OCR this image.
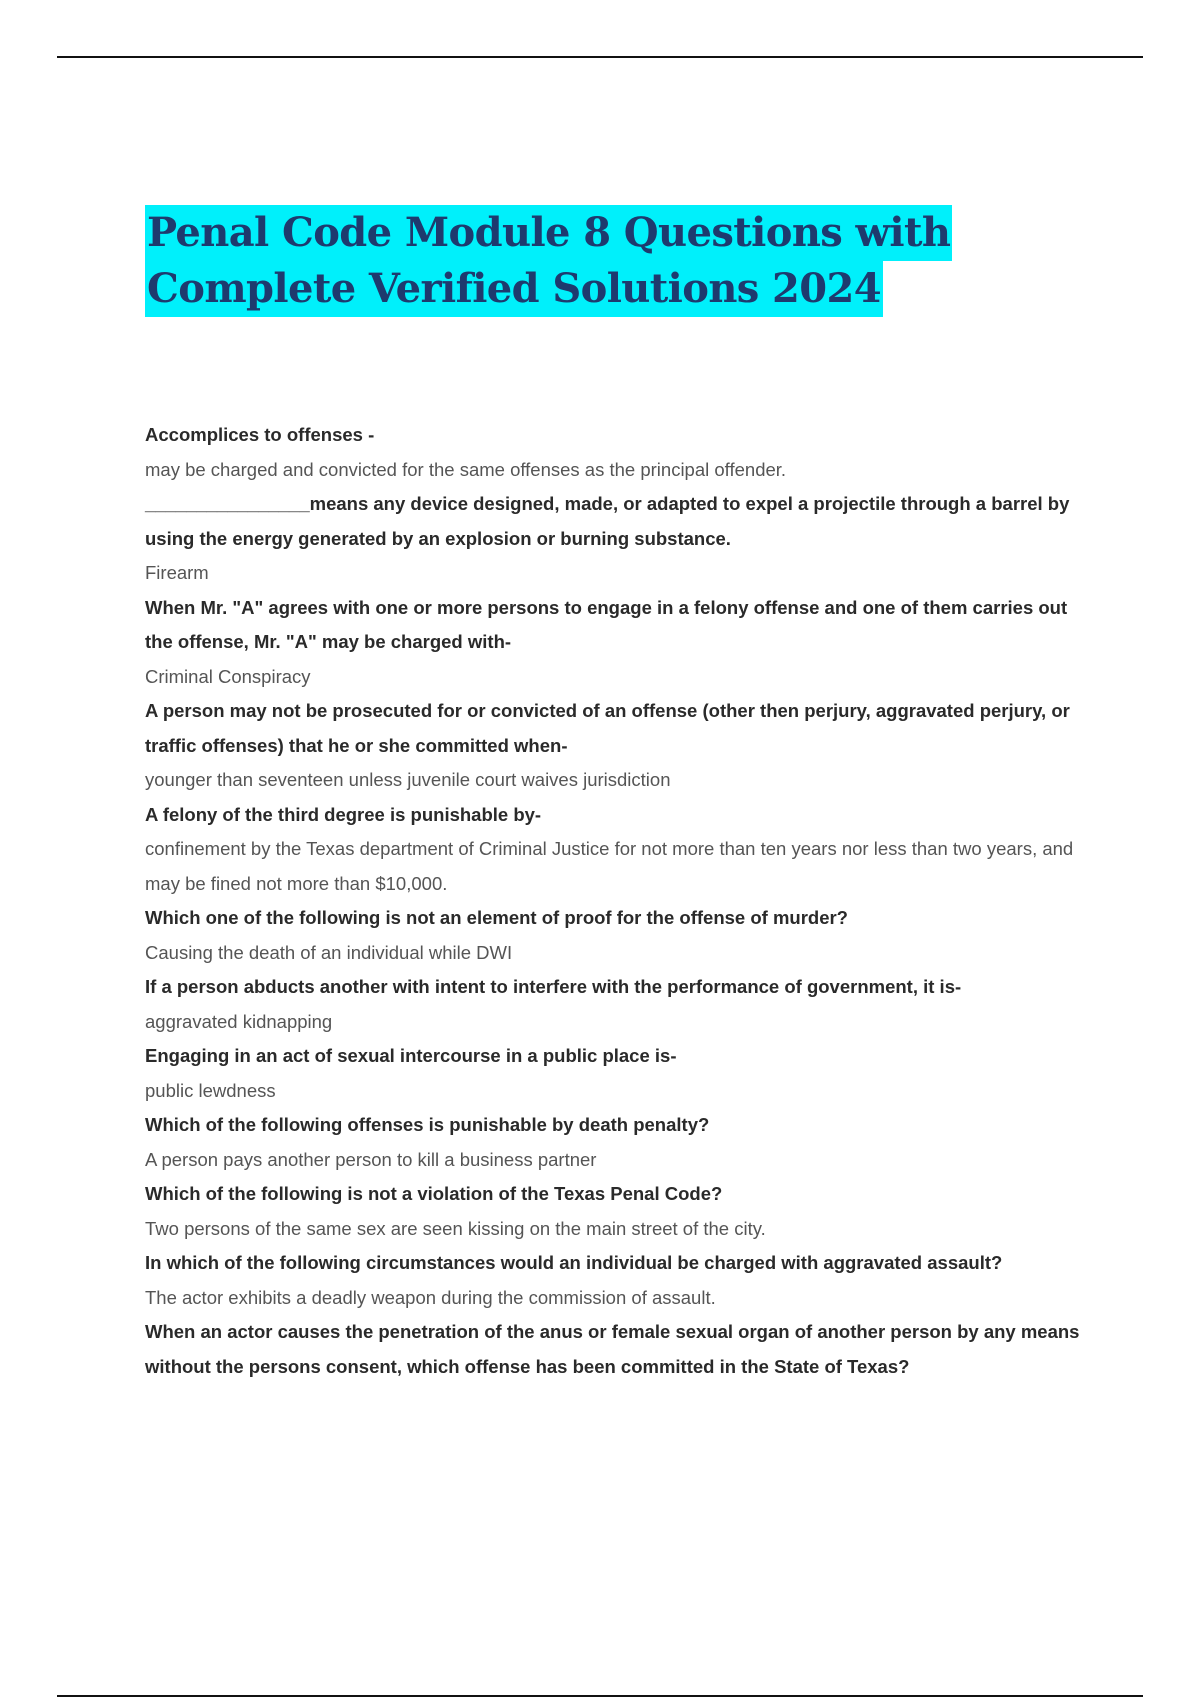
Penal Code Module 8 Questions with
Complete Verified Solutions 2024

Accomplices to offenses -

may be charged and convicted for the same offenses as the principal offender.

________________means any device designed, made, or adapted to expel a projectile through a barrel by using the energy generated by an explosion or burning substance.

Firearm

When Mr. "A" agrees with one or more persons to engage in a felony offense and one of them carries out the offense, Mr. "A" may be charged with-

Criminal Conspiracy

A person may not be prosecuted for or convicted of an offense (other then perjury, aggravated perjury, or traffic offenses) that he or she committed when-

younger than seventeen unless juvenile court waives jurisdiction

A felony of the third degree is punishable by-

confinement by the Texas department of Criminal Justice for not more than ten years nor less than two years, and may be fined not more than $10,000.

Which one of the following is not an element of proof for the offense of murder?

Causing the death of an individual while DWI

If a person abducts another with intent to interfere with the performance of government, it is-

aggravated kidnapping

Engaging in an act of sexual intercourse in a public place is-

public lewdness

Which of the following offenses is punishable by death penalty?

A person pays another person to kill a business partner

Which of the following is not a violation of the Texas Penal Code?

Two persons of the same sex are seen kissing on the main street of the city.

In which of the following circumstances would an individual be charged with aggravated assault?

The actor exhibits a deadly weapon during the commission of assault.

When an actor causes the penetration of the anus or female sexual organ of another person by any means without the persons consent, which offense has been committed in the State of Texas?
